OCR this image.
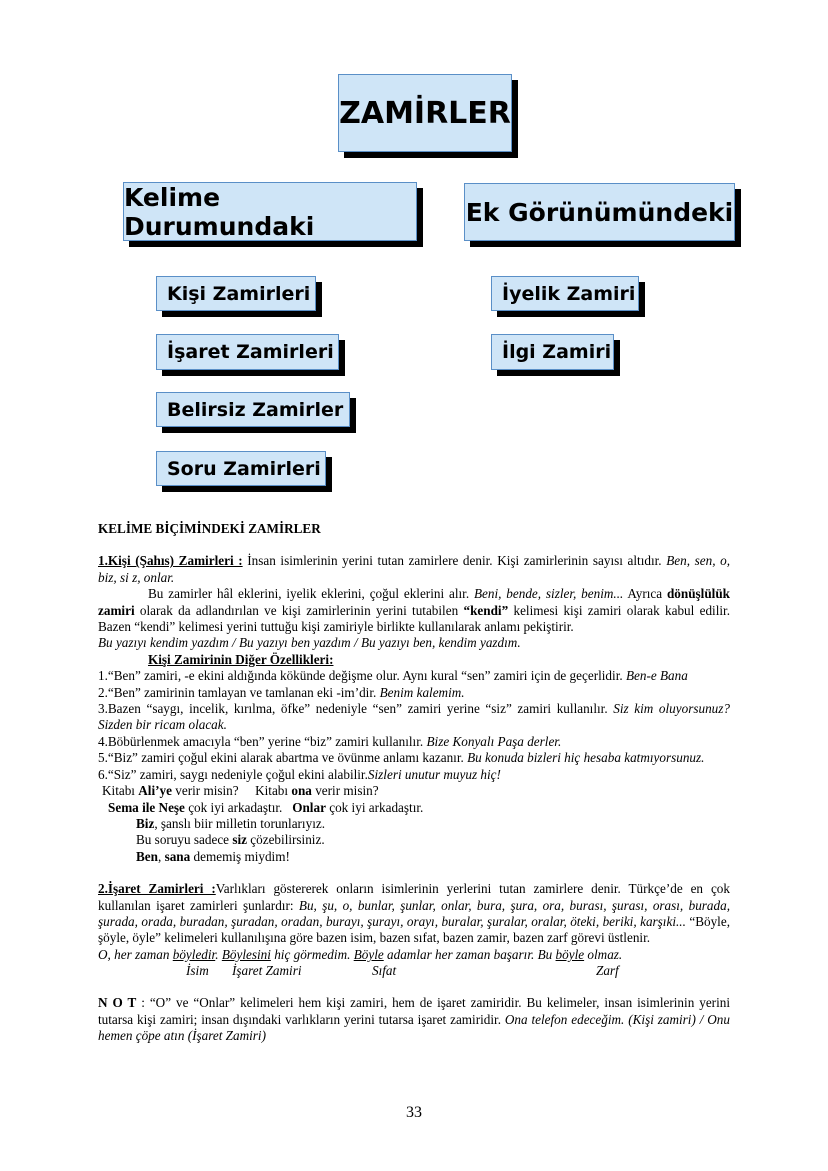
ZAMİRLER
Kelime Durumundaki	Ek Görünümündeki
Kişi Zamirleri
İşaret Zamirleri
Belirsiz Zamirler
Soru Zamirleri
İyelik Zamiri
İlgi Zamiri

KELİME BİÇİMİNDEKİ ZAMİRLER

1.Kişi (Şahıs) Zamirleri : İnsan isimlerinin yerini tutan zamirlere denir. Kişi zamirlerinin sayısı altıdır. Ben, sen, o, biz, si z, onlar.

Bu zamirler hâl eklerini, iyelik eklerini, çoğul eklerini alır. Beni, bende, sizler, benim... Ayrıca dönüşlülük zamiri olarak da adlandırılan ve kişi zamirlerinin yerini tutabilen “kendi” kelimesi kişi zamiri olarak kabul edilir. Bazen “kendi” kelimesi yerini tuttuğu kişi zamiriyle birlikte kullanılarak anlamı pekiştirir.

Bu yazıyı kendim yazdım / Bu yazıyı ben yazdım / Bu yazıyı ben, kendim yazdım.

Kişi Zamirinin Diğer Özellikleri:

1.“Ben” zamiri, -e ekini aldığında kökünde değişme olur. Aynı kural “sen” zamiri için de geçerlidir. Ben-e Bana

2.“Ben” zamirinin tamlayan ve tamlanan eki -im’dir. Benim kalemim.

3.Bazen “saygı, incelik, kırılma, öfke” nedeniyle “sen” zamiri yerine “siz” zamiri kullanılır. Siz kim oluyorsunuz? Sizden bir ricam olacak.

4.Böbürlenmek amacıyla “ben” yerine “biz” zamiri kullanılır. Bize Konyalı Paşa derler.

5.“Biz” zamiri çoğul ekini alarak abartma ve övünme anlamı kazanır. Bu konuda bizleri hiç hesaba katmıyorsunuz.

6.“Siz” zamiri, saygı nedeniyle çoğul ekini alabilir.Sizleri unutur muyuz hiç!

Kitabı Ali’ye verir misin?     Kitabı ona verir misin?

Sema ile Neşe çok iyi arkadaştır.   Onlar çok iyi arkadaştır.

Biz, şanslı biir milletin torunlarıyız.

Bu soruyu sadece siz çözebilirsiniz.

Ben, sana dememiş miydim!

2.İşaret Zamirleri :Varlıkları göstererek onların isimlerinin yerlerini tutan zamirlere denir. Türkçe’de en çok kullanılan işaret zamirleri şunlardır: Bu, şu, o, bunlar, şunlar, onlar, bura, şura, ora, burası, şurası, orası, burada, şurada, orada, buradan, şuradan, oradan, burayı, şurayı, orayı, buralar, şuralar, oralar, öteki, beriki, karşıki... “Böyle, şöyle, öyle” kelimeleri kullanılışına göre bazen isim, bazen sıfat, bazen zamir, bazen zarf görevi üstlenir.

O, her zaman böyledir. Böylesini hiç görmedim. Böyle adamlar her zaman başarır. Bu böyle olmaz.

İsim İşaret Zamiri	Sıfat	Zarf

N O T : “O” ve “Onlar” kelimeleri hem kişi zamiri, hem de işaret zamiridir. Bu kelimeler, insan isimlerinin yerini tutarsa kişi zamiri; insan dışındaki varlıkların yerini tutarsa işaret zamiridir. Ona telefon edeceğim. (Kişi zamiri) / Onu hemen çöpe atın (İşaret Zamiri)

33
